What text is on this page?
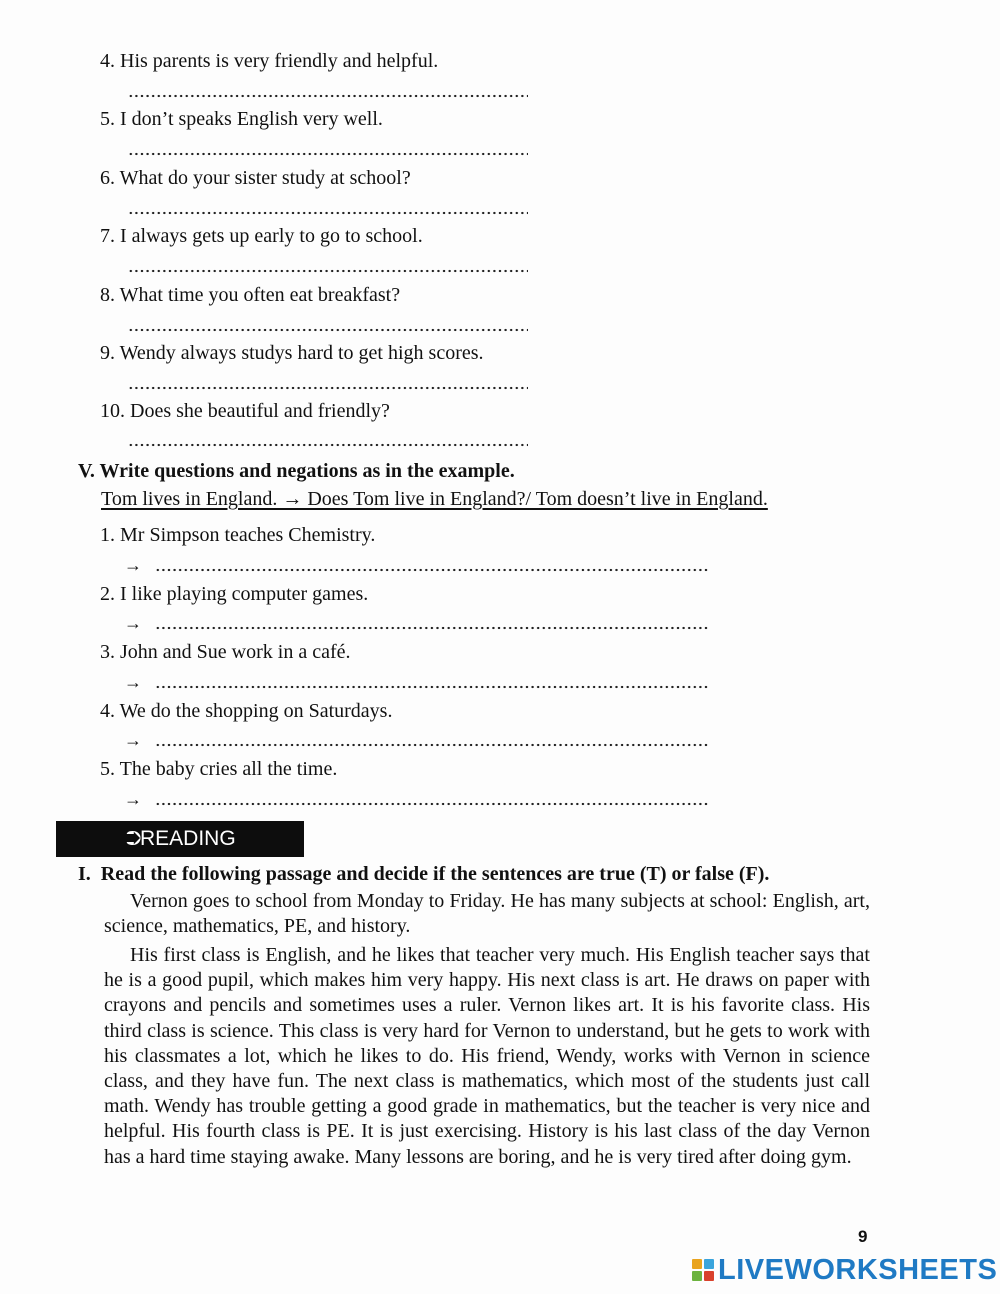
4. His parents is very friendly and helpful.
5. I don’t speaks English very well.
6. What do your sister study at school?
7. I always gets up early to go to school.
8. What time you often eat breakfast?
9. Wendy always studys hard to get high scores.
10. Does she beautiful and friendly?
V. Write questions and negations as in the example.
Tom lives in England. → Does Tom live in England?/ Tom doesn’t live in England.
1. Mr Simpson teaches Chemistry.
→
2. I like playing computer games.
→
3. John and Sue work in a café.
→
4. We do the shopping on Saturdays.
→
5. The baby cries all the time.
→
⮊
READING
I.  Read the following passage and decide if the sentences are true (T) or false (F).
Vernon goes to school from Monday to Friday. He has many subjects at school: English, art, science, mathematics, PE, and history.
His first class is English, and he likes that teacher very much. His English teacher says that he is a good pupil, which makes him very happy. His next class is art. He draws on paper with crayons and pencils and sometimes uses a ruler. Vernon likes art. It is his favorite class. His third class is science. This class is very hard for Vernon to understand, but he gets to work with his classmates a lot, which he likes to do. His friend, Wendy, works with Vernon in science class, and they have fun. The next class is mathematics, which most of the students just call math. Wendy has trouble getting a good grade in mathematics, but the teacher is very nice and helpful. His fourth class is PE. It is just exercising. History is his last class of the day Vernon has a hard time staying awake. Many lessons are boring, and he is very tired after doing gym.
9
LIVEWORKSHEETS
